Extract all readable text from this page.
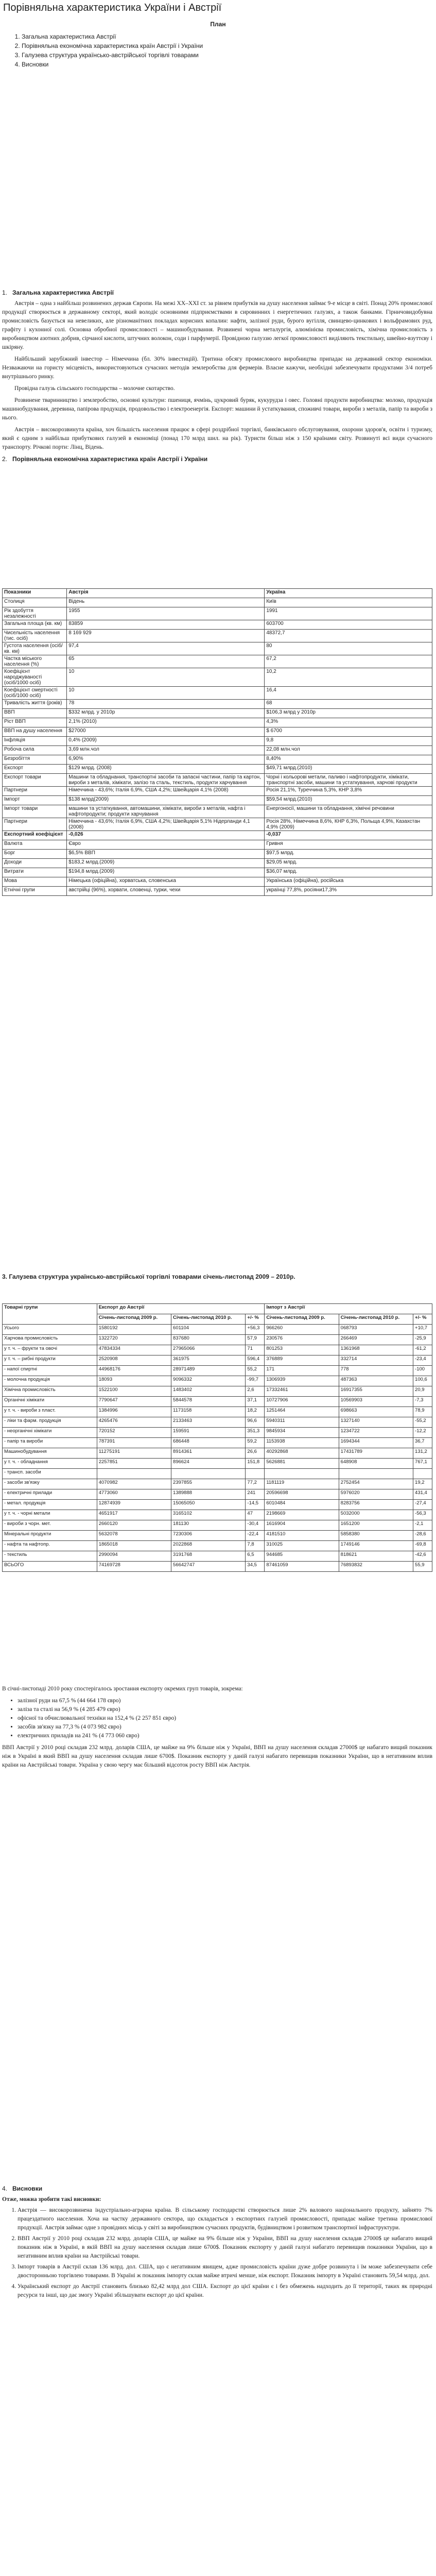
Порівняльна характеристика України і Австрії
План
1. Загальна характеристика Австрії
2. Порівняльна економічна характеристика країн Австрії і України
3. Галузева структура українсько-австрійської торгівлі товарами
4. Висновки
1. Загальна характеристика Австрії

Австрія – одна з найбільш розвинених держав Європи. На межі XX–XXI ст. за рівнем прибутків на душу населення займає 9-е місце в світі. Понад 20% промислової продукції створюється в державному секторі, який володіє основними підприємствами в сировинних і енергетичних галузях, а також банками. Гірничовидобувна промисловість базується на невеликих, але різноманітних покладах корисних копалин: нафти, залізної руди, бурого вугілля, свинцево-цинкових і вольфрамових руд, графіту і кухонної солі. Основна обробної промисловості – машинобудування. Розвинені чорна металургія, алюмінієва промисловість, хімічна промисловість з виробництвом азотних добрив, сірчаної кислоти, штучних волокон, соди і парфумерії. Провідною галуззю легкої промисловості виділяють текстильну, швейно-взуттєву і шкіряну.

Найбільший зарубіжний інвестор – Німеччина (бл. 30% інвестицій). Тритина обсягу промислового виробництва припадає на державний сектор економіки. Незважаючи на гористу місцевість, використовуються сучасних методів землеробства для фермерів. Власне кажучи, необхідні забезпечувати продуктами 3/4 потреб внутрішнього ринку.

Провідна галузь сільського господарства – молочне скотарство.

Розвинене тваринництво і землеробство, основні культури: пшениця, ячмінь, цукровий буряк, кукурудза і овес. Головні продукти виробництва: молоко, продукція машинобудування, деревина, папірова продукція, продовольство і електроенергія. Експорт: машини й устаткування, споживчі товари, вироби з металів, папір та вироби з нього.

Австрія – високорозвинута країна, хоч більшість населення працює в сфері роздрібної торгівлі, банківського обслуговування, охорони здоров'я, освіти і туризму, який є одним з найбільш прибуткових галузей в економіці (понад 170 млрд шил. на рік). Туристи більш ніж з 150 країнами світу. Розвинуті всі види сучасного транспорту. Річкові порти: Лінц, Відень.

2. Порівняльна економічна характеристика країн Австрії і України
Показники	Австрія	Україна
Столиця	Відень	Київ
Рік здобуття незалежності	1955	1991
Загальна площа (кв. км)	83859	603700
Чисельність населення (тис. осіб)	8 169 929	48372,7
Густота населення (осіб/кв. км)	97,4	80
Частка міського населення (%)	65	67,2
Коефіцієнт народжуваності (осіб/1000 осіб)	10	10,2
Коефіцієнт смертності (осіб/1000 осіб)	10	16,4
Тривалість життя (років)	78	68
ВВП	$332 млрд. у 2010р	$106,3 млрд у 2010р
Ріст ВВП	2,1% (2010)	4,3%
ВВП на душу населення	$27000	$ 6700
Інфляція	0,4% (2009)	9,8
Робоча сила	3,69 млн.чол	22,08 млн.чол
Безробіття	6,90%	8,40%
Експорт	$129 млрд. (2008)	$49,71 млрд.(2010)
Експорт товари	Машини та обладнання, транспортні засоби та запасні частини, папір та картон, вироби з металів, хімікати, залізо та сталь, текстиль, продукти харчування	Чорні і кольорові метали, паливо і нафтопродукти, хімікати, транспортні засоби, машини та устаткування, харчові продукти
Партнери	Німеччина - 43,6%; Італія 6,9%, США 4,2%; Швейцарія 4,1% (2008)	Росія 21,1%, Туреччина 5,3%, КНР 3,8%
Імпорт	$138 млрд(2009)	$59,54 млрд.(2010)
Імпорт товари	машини та устаткування, автомашини, хімікати, вироби з металів, нафта і нафтопродукти; продукти харчування	Енергоносії, машини та обладнання, хімічні речовини
Партнери	Німеччина - 43,6%; Італія 6,9%, США 4,2%; Швейцарія 5,1% Нідерланди 4,1 (2008)	Росія 28%, Німеччина 8,6%, КНР 6,3%, Польща 4,9%, Казахстан 4,9% (2009)
Експортний коефіцієнт	-0,026	-0,037
Валюта	Євро	Гривня
Борг	$6,5% ВВП	$97,5 млрд.
Доходи	$183,2 млрд.(2009)	$29,05 млрд.
Витрати	$194,8 млрд.(2009)	$36,07 млрд.
Мова	Німецька (офіційна), хорватська, словенська	Українська (офіційна), російська
Етнічні групи	австрійці (96%), хорвати, словенці, турки, чехи	українці 77,8%, росіяни17,3%
3. Галузева структура українсько-австрійської торгівлі товарами січень-листопад 2009 – 2010р.
Товарні групи	Експорт до Австрії			Імпорт з Австрії		
	Січень-листопад 2009 р.	Січень-листопад 2010 р.	+/- %	Січень-листопад 2009 р.	Січень-листопад 2010 р.	+/- %
Усього	1580192	601104	+56,3	966260	068793	+10,7
Харчова промисловість	1322720	837680	57,9	230576	266469	-25,9
у т. ч. – фрукти та овочі	47834334	27965066	71	801253	1361968	-61,2
у т. ч. – рибні продукти	2520908	361975	596,4	376889	332714	-23,4
- напої спиртні	44968176	28971489	55,2	171	778	-100
- молочна продукція	18093	9096332	-99,7	1306939	487363	100,6
Хімічна промисловість	1522100	1483402	2,6	17332461	16917355	20,9
Органічні хімікати	7790647	5844578	37,1	10727906	10569903	-7,3
у т. ч. - вироби з пласт.	1384996	1173158	18,2	1251464	698663	78,9
- ліки та фарм. продукція	4265476	2133463	96,6	5940311	1327140	-55,2
- неорганічні хімікати	720152	159591	351,3	9845934	1234722	-12,2
- папір та вироби	787391	686448	59,2	1153938	1694344	36,7
Машинобудування	11275191	8914361	26,6	40292868	17431789	131,2
у т. ч. - обладнання	2257851	896624	151,8	5626881	648908	767,1
- трансп. засоби						
- засоби зв'язку	4070982	2397855	77,2	1181119	2752454	19,2
- електричні прилади	4773060	1389888	241	20596698	5976020	431,4
- метал. продукція	12874939	15065050	-14,5	6010484	8283756	-27,4
у т. ч. - чорні метали	4651917	3165102	47	2198669	5032000	-56,3
- вироби з чорн. мет.	2660120	181130	-30,4	1616904	1651200	-2,1
Мінеральні продукти	5632078	7230306	-22,4	4181510	5858380	-28,6
- нафта та нафтопр.	1865018	2022868	7,8	310025	1749146	-69,8
- текстиль	2990094	3191768	6,5	944685	818621	-42,6
ВСЬОГО	74169728	56642747	34,5	87461059	76893832	55,9

В січні-листопаді 2010 року спостерігалось зростання експорту окремих груп товарів, зокрема:

• залізної руди на 67,5 % (44 664 178 євро)
• заліза та сталі на 56,9 % (4 285 479 євро)
• офісної та обчислювальної техніки на 152,4 % (2 257 851 євро)
• засобів зв'язку на 77,3 % (4 073 982 євро)
• електричних приладів на 241 % (4 773 060 євро)

ВВП Австрії у 2010 році складав 232 млрд. доларів США, це майже на 9% більше ніж у Україні, ВВП на душу населення складав 27000$ це набагато вищий показник ніж в Україні в який ВВП на душу населення складав лише 6700$. Показник експорту у даній галузі набагато перевищив показники України, що в негативним вплив країни на Австрійські товари. Україна у свою чергу має більший відсоток росту ВВП ніж Австрія.

4. Висновки
Отже, можна зробити такі висновки:
1. Австрія — високорозвинена індустріально-аграрна країна. В сільському господарстві створюється лише 2% валового національного продукту, зайнято 7% працездатного населення. Хоча на частку державного сектора, що складається з експортних галузей промисловості, припадає майже третина промислової продукції. Австрія займає одне з провідних місць у світі за виробництвом сучасних продуктів, будівництвом і розвитком транспортної інфраструктури.
2. ВВП Австрії у 2010 році складав 232 млрд. доларів США, це майже на 9% більше ніж у України, ВВП на душу населення складав 27000$ це набагато вищий показник ніж в Україні, в якій ВВП на душу населення складав лише 6700$. Показник експорту у даній галузі набагато перевищив показники України, що в негативним вплив країни на Австрійські товари.
3. Імпорт товарів в Австрії склав 136 млрд. дол. США, що є негативним явищем, адже промисловість країни дуже добре розвинута і їм може забезпечувати себе двосторонньою торгівлею товарами. В Україні ж показник імпорту склав майже втричі менше, ніж експорт. Показник імпорту в Україні становить 59,54 млрд. дол.
4. Український експорт до Австрії становить близько 82,42 млрд дол США. Експорт до цієї країни є і без обмежень надходить до її території, таких як природні ресурси та інші, що дає змогу Україні збільшувати експорт до цієї країни.
